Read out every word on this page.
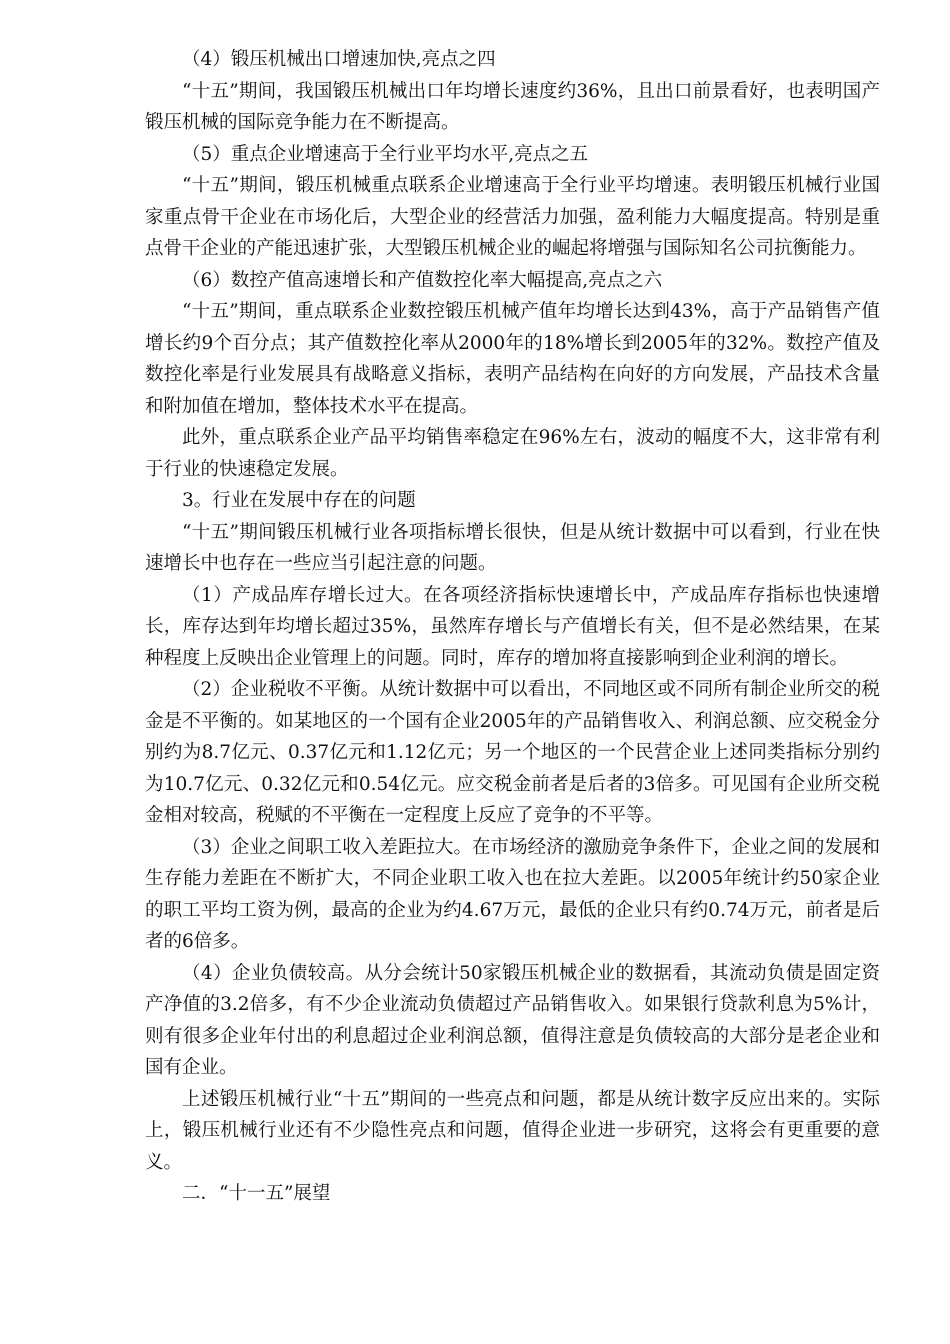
（4）锻压机械出口增速加快,亮点之四

“十五”期间，我国锻压机械出口年均增长速度约36%，且出口前景看好，也表明国产锻压机械的国际竞争能力在不断提高。

（5）重点企业增速高于全行业平均水平,亮点之五

“十五”期间，锻压机械重点联系企业增速高于全行业平均增速。表明锻压机械行业国家重点骨干企业在市场化后，大型企业的经营活力加强，盈利能力大幅度提高。特别是重点骨干企业的产能迅速扩张，大型锻压机械企业的崛起将增强与国际知名公司抗衡能力。

（6）数控产值高速增长和产值数控化率大幅提高,亮点之六

“十五”期间，重点联系企业数控锻压机械产值年均增长达到43%，高于产品销售产值增长约9个百分点；其产值数控化率从2000年的18%增长到2005年的32%。数控产值及数控化率是行业发展具有战略意义指标，表明产品结构在向好的方向发展，产品技术含量和附加值在增加，整体技术水平在提高。

此外，重点联系企业产品平均销售率稳定在96%左右，波动的幅度不大，这非常有利于行业的快速稳定发展。

3。行业在发展中存在的问题

“十五”期间锻压机械行业各项指标增长很快，但是从统计数据中可以看到，行业在快速增长中也存在一些应当引起注意的问题。

（1）产成品库存增长过大。在各项经济指标快速增长中，产成品库存指标也快速增长，库存达到年均增长超过35%，虽然库存增长与产值增长有关，但不是必然结果，在某种程度上反映出企业管理上的问题。同时，库存的增加将直接影响到企业利润的增长。

（2）企业税收不平衡。从统计数据中可以看出，不同地区或不同所有制企业所交的税金是不平衡的。如某地区的一个国有企业2005年的产品销售收入、利润总额、应交税金分别约为8.7亿元、0.37亿元和1.12亿元；另一个地区的一个民营企业上述同类指标分别约为10.7亿元、0.32亿元和0.54亿元。应交税金前者是后者的3倍多。可见国有企业所交税金相对较高，税赋的不平衡在一定程度上反应了竞争的不平等。

（3）企业之间职工收入差距拉大。在市场经济的激励竞争条件下，企业之间的发展和生存能力差距在不断扩大，不同企业职工收入也在拉大差距。以2005年统计约50家企业的职工平均工资为例，最高的企业为约4.67万元，最低的企业只有约0.74万元，前者是后者的6倍多。

（4）企业负债较高。从分会统计50家锻压机械企业的数据看，其流动负债是固定资产净值的3.2倍多，有不少企业流动负债超过产品销售收入。如果银行贷款利息为5%计，则有很多企业年付出的利息超过企业利润总额，值得注意是负债较高的大部分是老企业和国有企业。

上述锻压机械行业“十五”期间的一些亮点和问题，都是从统计数字反应出来的。实际上，锻压机械行业还有不少隐性亮点和问题，值得企业进一步研究，这将会有更重要的意义。

二．“十一五”展望
